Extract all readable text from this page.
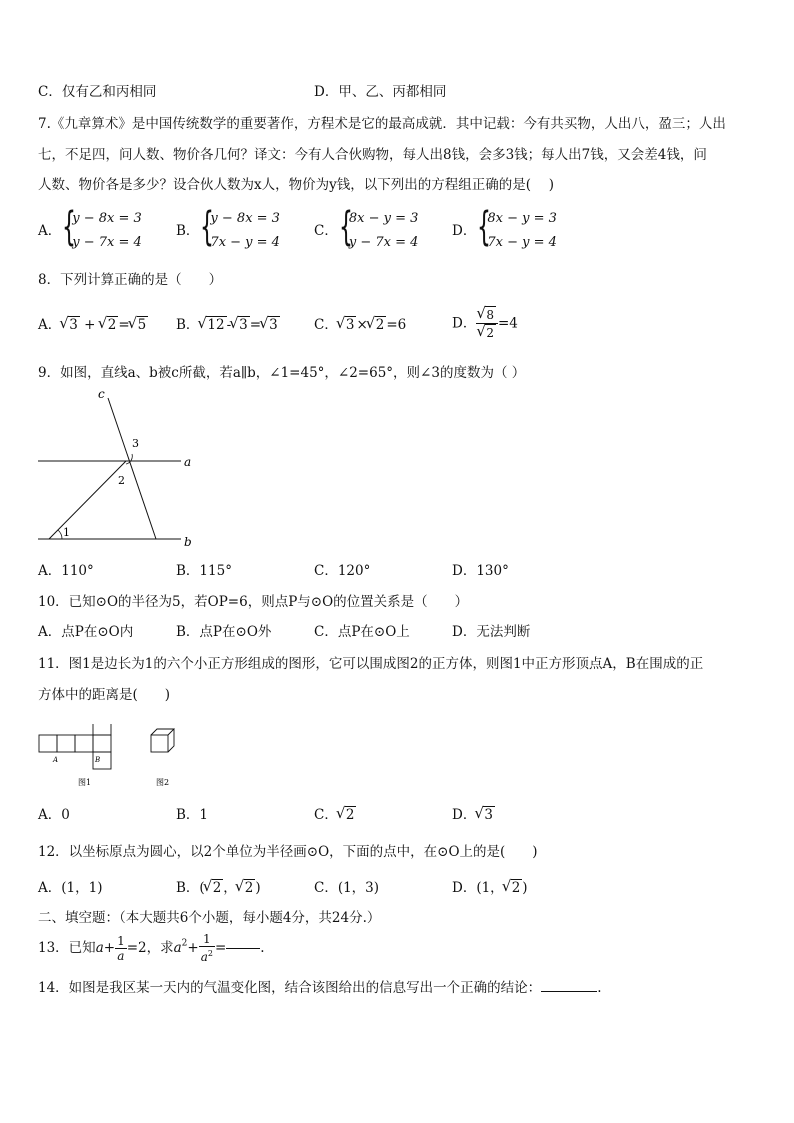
C．仅有乙和丙相同	D．甲、乙、丙都相同
7.《九章算术》是中国传统数学的重要著作，方程术是它的最高成就．其中记载：今有共买物，人出八，盈三；人出
七，不足四，问人数、物价各几何？译文：今有人合伙购物，每人出8钱，会多3钱；每人出7钱，又会差4钱，问
人数、物价各是多少？设合伙人数为x人，物价为y钱，以下列出的方程组正确的是(　 )
A． {
y − 8x = 3
y − 7x = 4
B． {
y − 8x = 3
7x − y = 4
C． {
8x − y = 3
y − 7x = 4
D． {
8x − y = 3
7x − y = 4
8．下列计算正确的是（　　）
A． √ 3 + √ 2 = √ 5 B． √ 12 - √ 3 = √ 3	C． √ 3 × √ 2 =6	D． √ 8
√ 2 =4
9．如图，直线a、b被c所截，若a∥b，∠1=45°，∠2=65°，则∠3的度数为（ ）
c
a
b
1
2
3
A．110°	B．115°	C．120°	D．130°
10．已知⊙O的半径为5，若OP=6，则点P与⊙O的位置关系是（　　）
A．点P在⊙O内	B．点P在⊙O外	C．点P在⊙O上	D．无法判断
11．图1是边长为1的六个小正方形组成的图形，它可以围成图2的正方体，则图1中正方形顶点A，B在围成的正
方体中的距离是(　　)
A	B
图1	图2
A．0	B．1	C． √ 2	D． √ 3
12．以坐标原点为圆心，以2个单位为半径画⊙O，下面的点中，在⊙O上的是(　　)
A．(1，1)	B．( √ 2 ， √ 2 )	C．(1，3)	D．(1， √ 2 )
二、填空题：（本大题共6个小题，每小题4分，共24分.）
13．已知$a+ \frac{1}{a} =2$，求$a^2+ \frac{1}{a^2}$ =	.
14．如图是我区某一天内的气温变化图，结合该图给出的信息写出一个正确的结论：	.
